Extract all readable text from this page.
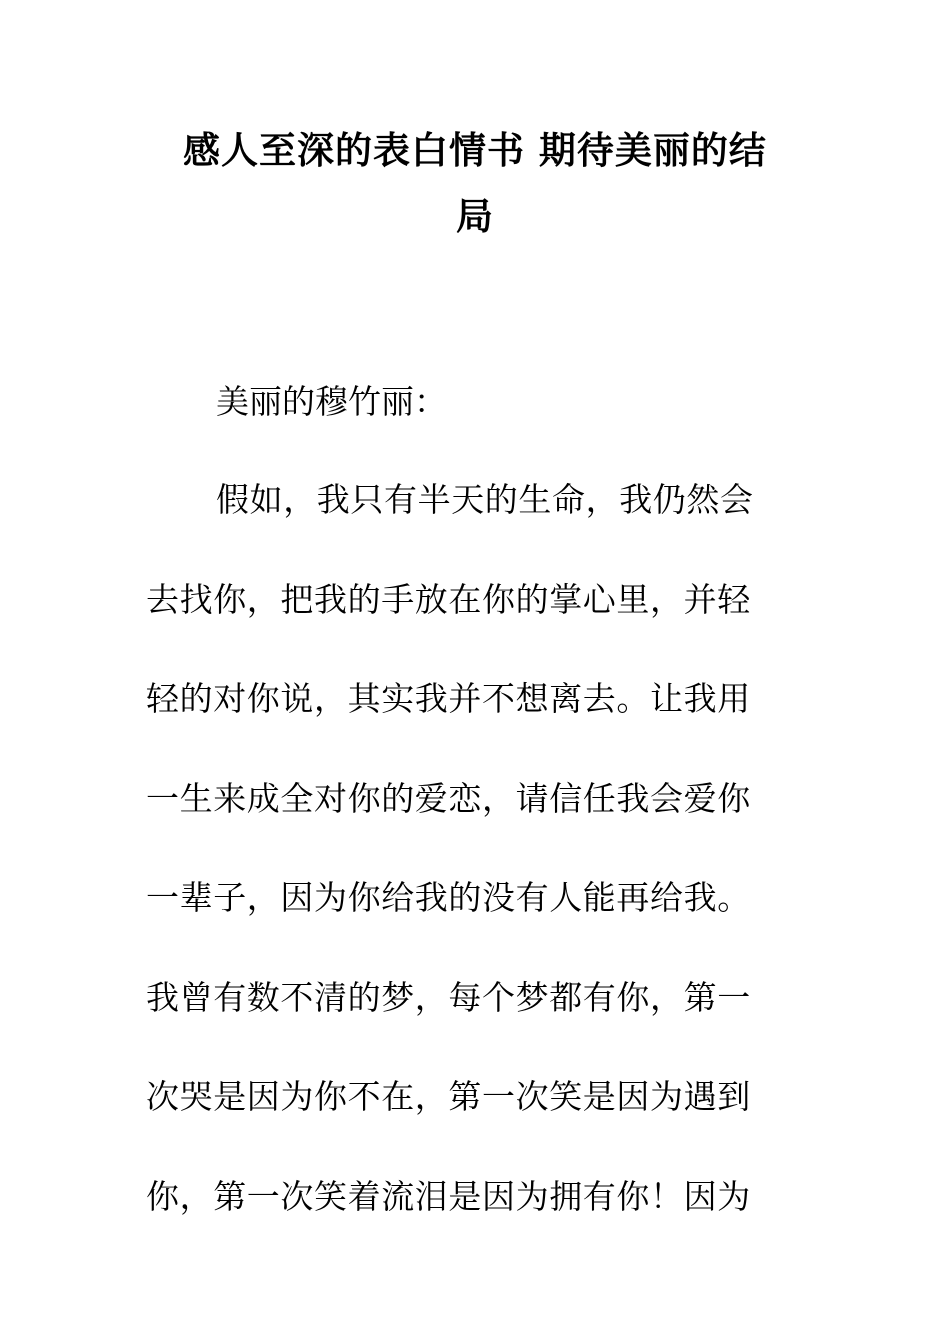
感人至深的表白情书 期待美丽的结
局

美丽的穆竹丽：

假如，我只有半天的生命，我仍然会
去找你，把我的手放在你的掌心里，并轻
轻的对你说，其实我并不想离去。让我用
一生来成全对你的爱恋，请信任我会爱你
一辈子，因为你给我的没有人能再给我。
我曾有数不清的梦，每个梦都有你，第一
次哭是因为你不在，第一次笑是因为遇到
你，第一次笑着流泪是因为拥有你！因为
